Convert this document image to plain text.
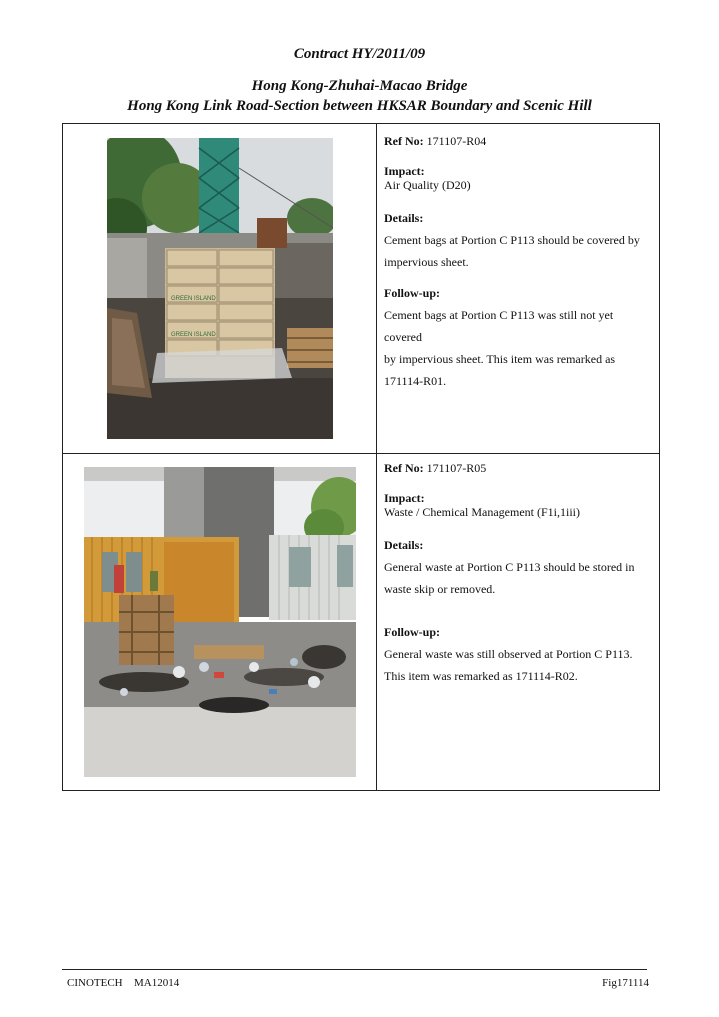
Contract HY/2011/09
Hong Kong-Zhuhai-Macao Bridge
Hong Kong Link Road-Section between HKSAR Boundary and Scenic Hill
GREEN ISLAND
GREEN ISLAND
Ref No: 171107-R04
Impact:
Air Quality (D20)
Details:
Cement bags at Portion C P113 should be covered by
impervious sheet.
Follow-up:
Cement bags at Portion C P113 was still not yet covered
by impervious sheet. This item was remarked as
171114-R01.
Ref No: 171107-R05
Impact:
Waste / Chemical Management (F1i,1iii)
Details:
General waste at Portion C P113 should be stored in
waste skip or removed.
Follow-up:
General waste was still observed at Portion C P113.
This item was remarked as 171114-R02.
CINOTECH MA12014	Fig171114
